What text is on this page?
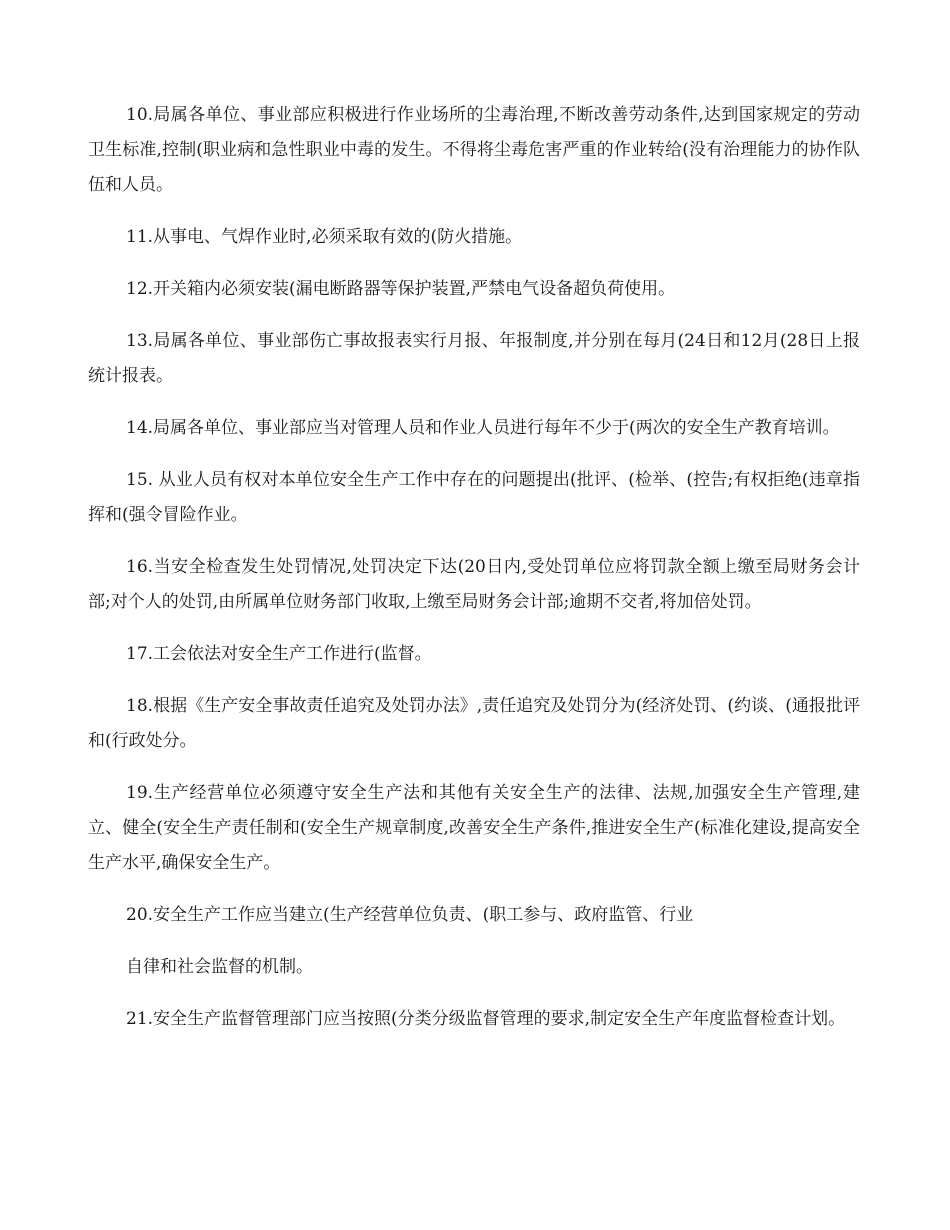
10.局属各单位、事业部应积极进行作业场所的尘毒治理,不断改善劳动条件,达到国家规定的劳动卫生标准,控制(职业病和急性职业中毒的发生。不得将尘毒危害严重的作业转给(没有治理能力的协作队伍和人员。

11.从事电、气焊作业时,必须采取有效的(防火措施。

12.开关箱内必须安装(漏电断路器等保护装置,严禁电气设备超负荷使用。

13.局属各单位、事业部伤亡事故报表实行月报、年报制度,并分别在每月(24日和12月(28日上报统计报表。

14.局属各单位、事业部应当对管理人员和作业人员进行每年不少于(两次的安全生产教育培训。

15. 从业人员有权对本单位安全生产工作中存在的问题提出(批评、(检举、(控告;有权拒绝(违章指挥和(强令冒险作业。

16.当安全检查发生处罚情况,处罚决定下达(20日内,受处罚单位应将罚款全额上缴至局财务会计部;对个人的处罚,由所属单位财务部门收取,上缴至局财务会计部;逾期不交者,将加倍处罚。

17.工会依法对安全生产工作进行(监督。

18.根据《生产安全事故责任追究及处罚办法》,责任追究及处罚分为(经济处罚、(约谈、(通报批评和(行政处分。

19.生产经营单位必须遵守安全生产法和其他有关安全生产的法律、法规,加强安全生产管理,建立、健全(安全生产责任制和(安全生产规章制度,改善安全生产条件,推进安全生产(标准化建设,提高安全生产水平,确保安全生产。

20.安全生产工作应当建立(生产经营单位负责、(职工参与、政府监管、行业

自律和社会监督的机制。

21.安全生产监督管理部门应当按照(分类分级监督管理的要求,制定安全生产年度监督检查计划。
